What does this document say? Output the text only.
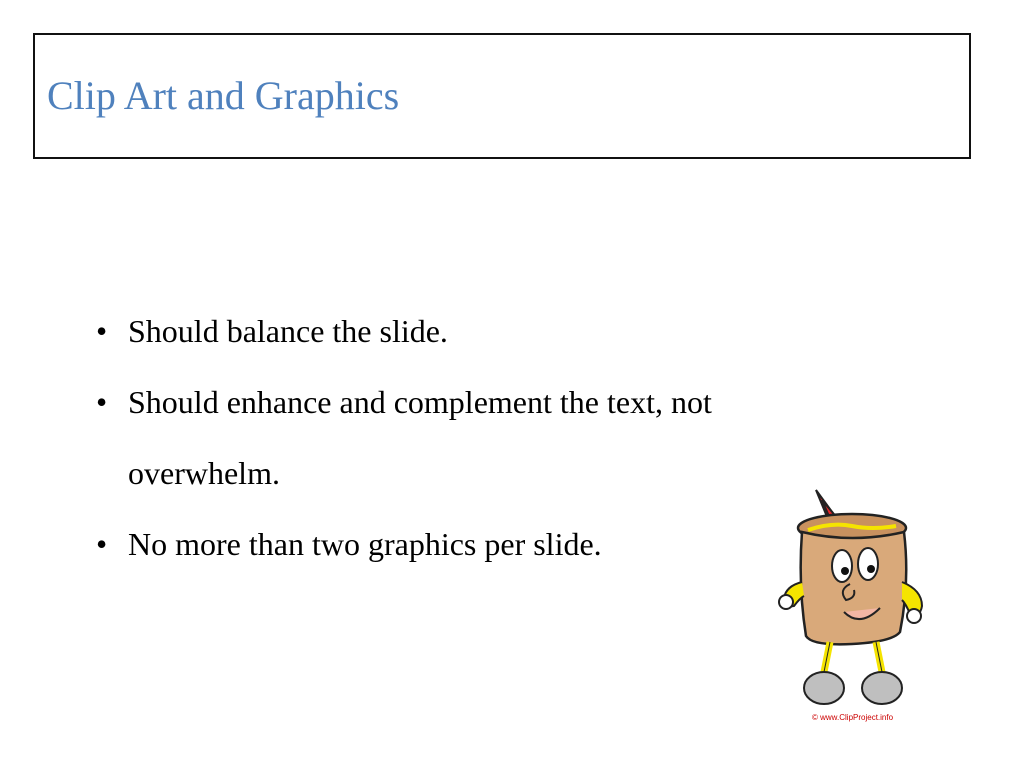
Clip Art and Graphics
• Should balance the slide.
• Should enhance and complement the text, not overwhelm.
• No more than two graphics per slide.
© www.ClipProject.info
